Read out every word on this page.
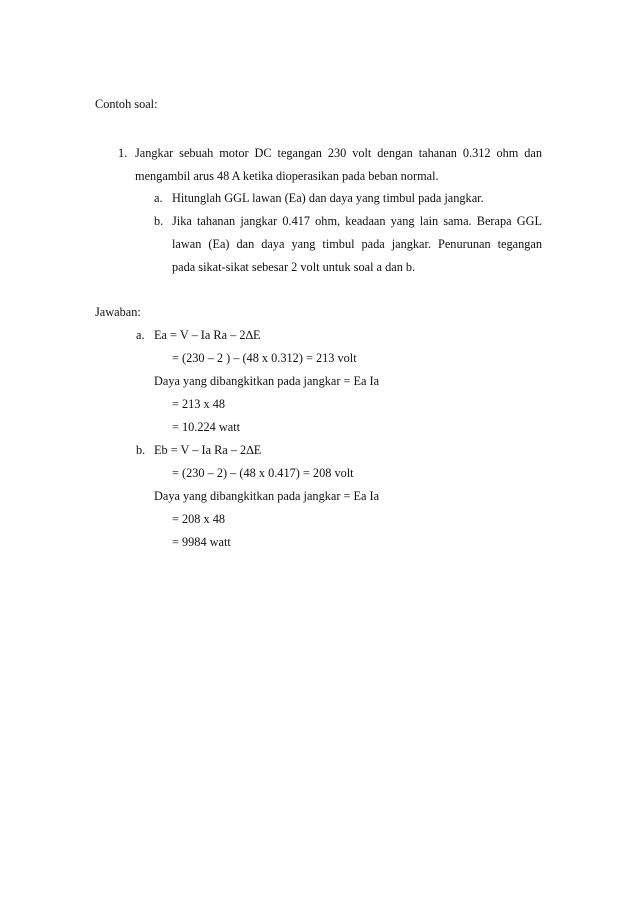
Contoh soal:
1. Jangkar sebuah motor DC tegangan 230 volt dengan tahanan 0.312 ohm dan
mengambil arus 48 A ketika dioperasikan pada beban normal.
a. Hitunglah GGL lawan (Ea) dan daya yang timbul pada jangkar.
b. Jika tahanan jangkar 0.417 ohm, keadaan yang lain sama. Berapa GGL
lawan (Ea) dan daya yang timbul pada jangkar. Penurunan tegangan
pada sikat-sikat sebesar 2 volt untuk soal a dan b.
Jawaban:
a. Ea = V – Ia Ra – 2∆E
= (230 – 2 ) – (48 x 0.312) = 213 volt
Daya yang dibangkitkan pada jangkar = Ea Ia
= 213 x 48
= 10.224 watt
b. Eb = V – Ia Ra – 2∆E
= (230 – 2) – (48 x 0.417) = 208 volt
Daya yang dibangkitkan pada jangkar = Ea Ia
= 208 x 48
= 9984 watt
